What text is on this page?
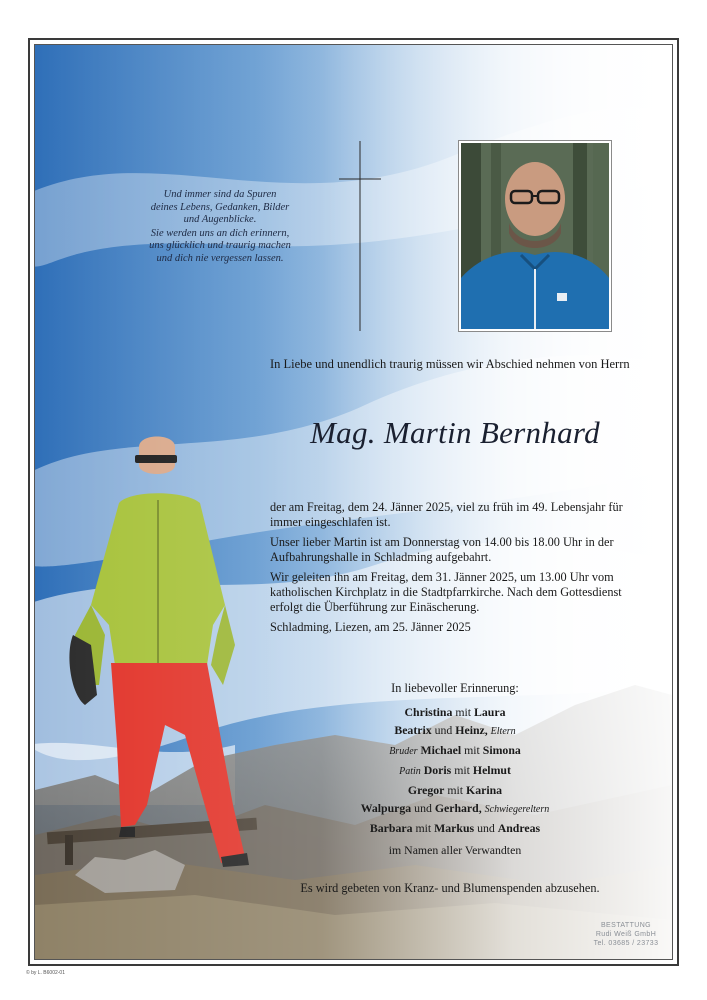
Und immer sind da Spuren

deines Lebens, Gedanken, Bilder

und Augenblicke.

Sie werden uns an dich erinnern,

uns glücklich und traurig machen

und dich nie vergessen lassen.

In Liebe und unendlich traurig müssen wir Abschied nehmen von Herrn
Mag. Martin Bernhard

der am Freitag, dem 24. Jänner 2025, viel zu früh im 49. Lebensjahr für immer eingeschlafen ist.

Unser lieber Martin ist am Donnerstag von 14.00 bis 18.00 Uhr in der Aufbahrungshalle in Schladming aufgebahrt.

Wir geleiten ihn am Freitag, dem 31. Jänner 2025, um 13.00 Uhr vom katholischen Kirchplatz in die Stadtpfarrkirche. Nach dem Gottesdienst erfolgt die Überführung zur Einäscherung.

Schladming, Liezen, am 25. Jänner 2025

In liebevoller Erinnerung:
Christina mit Laura
Beatrix und Heinz, Eltern
Bruder Michael mit Simona
Patin Doris mit Helmut
Gregor mit Karina
Walpurga und Gerhard, Schwiegereltern
Barbara mit Markus und Andreas
im Namen aller Verwandten
Es wird gebeten von Kranz- und Blumenspenden abzusehen.
BESTATTUNG
Rudi Weiß GmbH
Tel. 03685 / 23733
© by L. B6002-01
